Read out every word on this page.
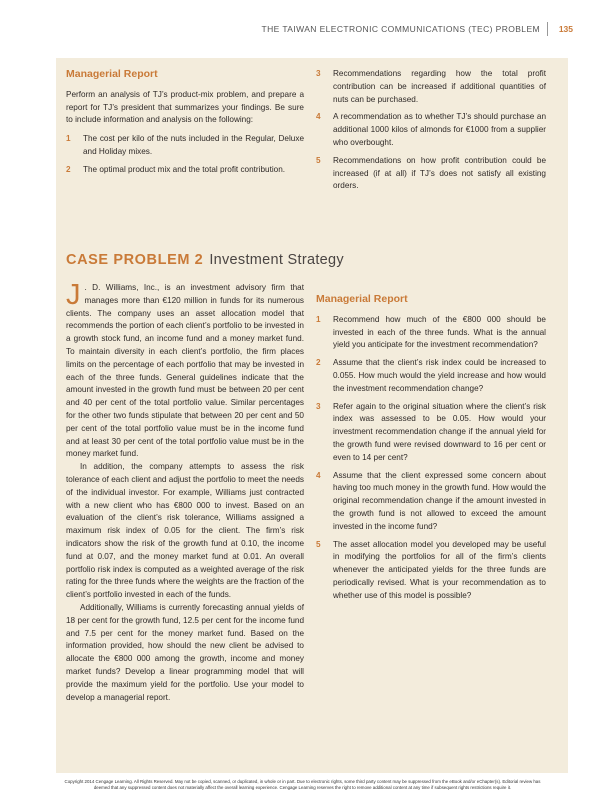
THE TAIWAN ELECTRONIC COMMUNICATIONS (TEC) PROBLEM 135
Managerial Report

Perform an analysis of TJ’s product-mix problem, and prepare a report for TJ’s president that summarizes your findings. Be sure to include information and analysis on the following:

1 The cost per kilo of the nuts included in the Regular, Deluxe and Holiday mixes.
2 The optimal product mix and the total profit contribution.
3 Recommendations regarding how the total profit contribution can be increased if additional quantities of nuts can be purchased.
4 A recommendation as to whether TJ’s should purchase an additional 1000 kilos of almonds for €1000 from a supplier who overbought.
5 Recommendations on how profit contribution could be increased (if at all) if TJ’s does not satisfy all existing orders.
CASE PROBLEM 2 Investment Strategy

J . D. Williams, Inc., is an investment advisory firm that manages more than €120 million in funds for its numerous clients. The company uses an asset allocation model that recommends the portion of each client’s portfolio to be invested in a growth stock fund, an income fund and a money market fund. To maintain diversity in each client’s portfolio, the firm places limits on the percentage of each portfolio that may be invested in each of the three funds. General guidelines indicate that the amount invested in the growth fund must be between 20 per cent and 40 per cent of the total portfolio value. Similar percentages for the other two funds stipulate that between 20 per cent and 50 per cent of the total portfolio value must be in the income fund and at least 30 per cent of the total portfolio value must be in the money market fund.

In addition, the company attempts to assess the risk tolerance of each client and adjust the portfolio to meet the needs of the individual investor. For example, Williams just contracted with a new client who has €800 000 to invest. Based on an evaluation of the client’s risk tolerance, Williams assigned a maximum risk index of 0.05 for the client. The firm’s risk indicators show the risk of the growth fund at 0.10, the income fund at 0.07, and the money market fund at 0.01. An overall portfolio risk index is computed as a weighted average of the risk rating for the three funds where the weights are the fraction of the client’s portfolio invested in each of the funds.

Additionally, Williams is currently forecasting annual yields of 18 per cent for the growth fund, 12.5 per cent for the income fund and 7.5 per cent for the money market fund. Based on the information provided, how should the new client be advised to allocate the €800 000 among the growth, income and money market funds? Develop a linear programming model that will provide the maximum yield for the portfolio. Use your model to develop a managerial report.

Managerial Report
1 Recommend how much of the €800 000 should be invested in each of the three funds. What is the annual yield you anticipate for the investment recommendation?
2 Assume that the client’s risk index could be increased to 0.055. How much would the yield increase and how would the investment recommendation change?
3 Refer again to the original situation where the client’s risk index was assessed to be 0.05. How would your investment recommendation change if the annual yield for the growth fund were revised downward to 16 per cent or even to 14 per cent?
4 Assume that the client expressed some concern about having too much money in the growth fund. How would the original recommendation change if the amount invested in the growth fund is not allowed to exceed the amount invested in the income fund?
5 The asset allocation model you developed may be useful in modifying the portfolios for all of the firm’s clients whenever the anticipated yields for the three funds are periodically revised. What is your recommendation as to whether use of this model is possible?
Copyright 2014 Cengage Learning. All Rights Reserved. May not be copied, scanned, or duplicated, in whole or in part. Due to electronic rights, some third party content may be suppressed from the eBook and/or eChapter(s). Editorial review has
deemed that any suppressed content does not materially affect the overall learning experience. Cengage Learning reserves the right to remove additional content at any time if subsequent rights restrictions require it.
